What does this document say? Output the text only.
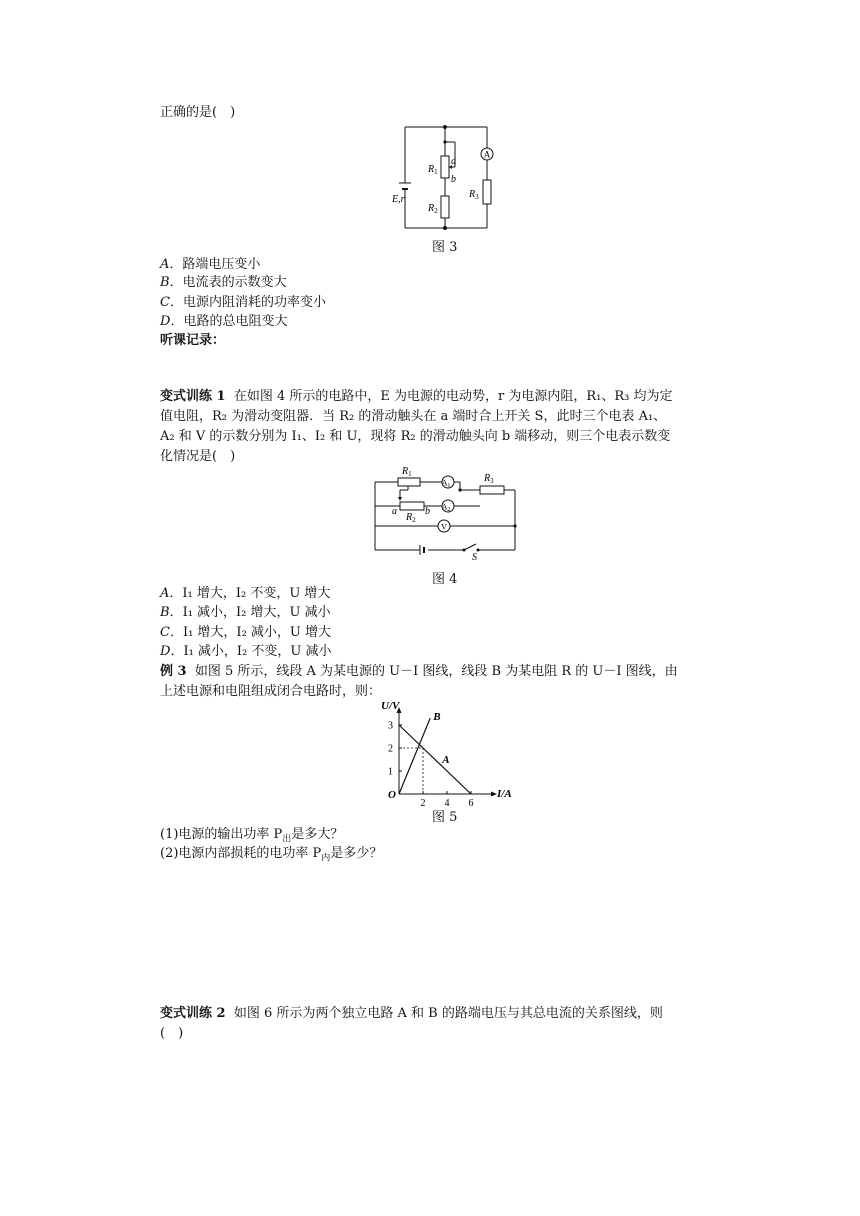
正确的是(　)
A
E,r
$R_1$
$R_2$
$R_3$
a
b
图 3
A．路端电压变小
B．电流表的示数变大
C．电源内阻消耗的功率变小
D．电路的总电阻变大
听课记录：
变式训练 1 在如图 4 所示的电路中，E 为电源的电动势，r 为电源内阻，R₁、R₃ 均为定
值电阻，R₂ 为滑动变阻器．当 R₂ 的滑动触头在 a 端时合上开关 S，此时三个电表 A₁、
A₂ 和 V 的示数分别为 I₁、I₂ 和 U，现将 R₂ 的滑动触头向 b 端移动，则三个电表示数变
化情况是(　)
A1
A2
V
$R_1$
$R_2$
$R_3$
a	b
S
图 4
A．I₁ 增大，I₂ 不变，U 增大
B．I₁ 减小，I₂ 增大，U 减小
C．I₁ 增大，I₂ 减小，U 增大
D．I₁ 减小，I₂ 不变，U 减小
例 3 如图 5 所示，线段 A 为某电源的 U－I 图线，线段 B 为某电阻 R 的 U－I 图线，由
上述电源和电阻组成闭合电路时，则：
I/A
U/V
O
2 4 6
1
2
3
A
B
图 5
(1)电源的输出功率 $P_出$是多大？
(2)电源内部损耗的电功率 $P_内$是多少？
变式训练 2 如图 6 所示为两个独立电路 A 和 B 的路端电压与其总电流的关系图线，则
(　)
